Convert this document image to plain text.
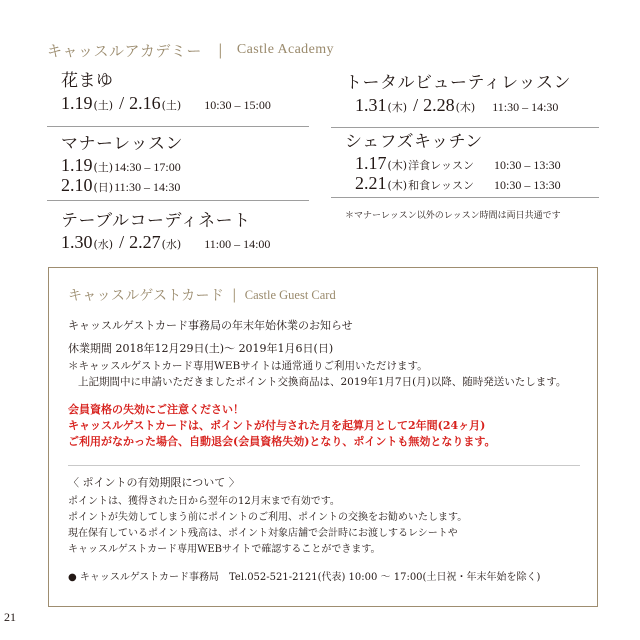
キャッスルアカデミー | Castle Academy
花まゆ
1.19 (土) / 2.16 (土) 10:30 – 15:00
マナーレッスン
1.19 (土) 14:30 – 17:00
2.10 (日) 11:30 – 14:30
テーブルコーディネート
1.30 (水) / 2.27 (水) 11:00 – 14:00
トータルビューティレッスン
1.31 (木) / 2.28 (木) 11:30 – 14:30
シェフズキッチン
1.17 (木) 洋食レッスン 10:30 – 13:30
2.21 (木) 和食レッスン 10:30 – 13:30
＊マナーレッスン以外のレッスン時間は両日共通です
キャッスルゲストカード | Castle Guest Card
キャッスルゲストカード事務局の年末年始休業のお知らせ
休業期間 2018年12月29日(土)～ 2019年1月6日(日)
＊キャッスルゲストカード専用WEBサイトは通常通りご利用いただけます。
上記期間中に申請いただきましたポイント交換商品は、2019年1月7日(月)以降、随時発送いたします。
会員資格の失効にご注意ください！
キャッスルゲストカードは、ポイントが付与された月を起算月として2年間(24ヶ月)
ご利用がなかった場合、自動退会(会員資格失効)となり、ポイントも無効となります。
〈 ポイントの有効期限について 〉
ポイントは、獲得された日から翌年の12月末まで有効です。
ポイントが失効してしまう前にポイントのご利用、ポイントの交換をお勧めいたします。
現在保有しているポイント残高は、ポイント対象店舗で会計時にお渡しするレシートや
キャッスルゲストカード専用WEBサイトで確認することができます。
● キャッスルゲストカード事務局　Tel.052-521-2121(代表) 10:00 ～ 17:00(土日祝・年末年始を除く)
21
